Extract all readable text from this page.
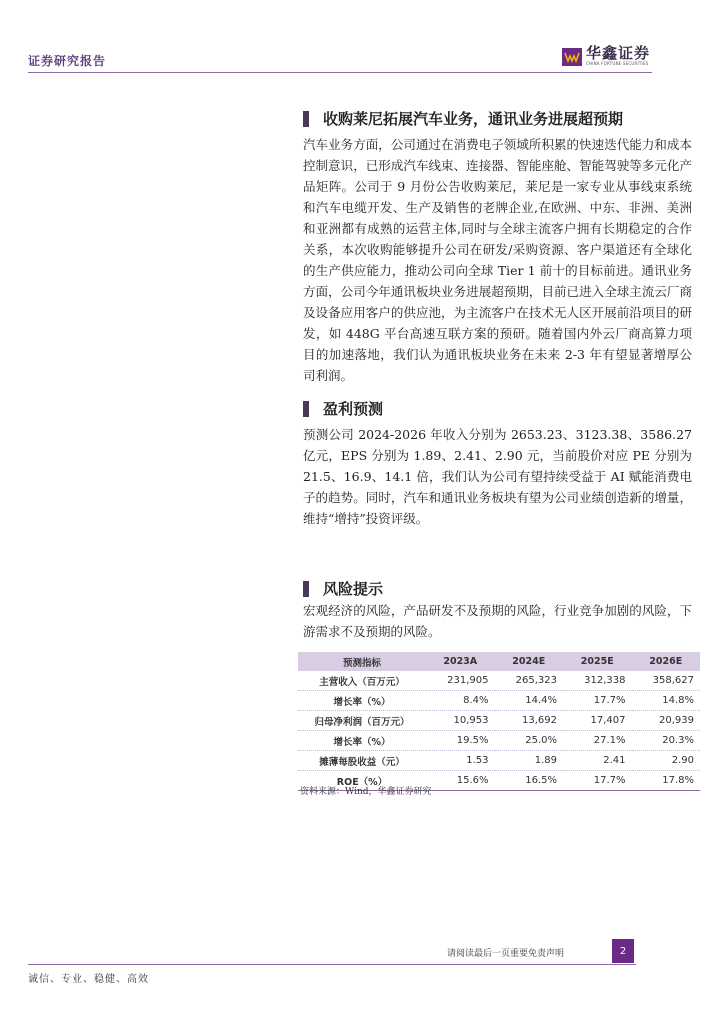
证券研究报告	华鑫证券
CHINA FORTUNE SECURITIES
收购莱尼拓展汽车业务，通讯业务进展超预期
汽车业务方面，公司通过在消费电子领域所积累的快速迭代能力和成本控制意识，已形成汽车线束、连接器、智能座舱、智能驾驶等多元化产品矩阵。公司于 9 月份公告收购莱尼，莱尼是一家专业从事线束系统和汽车电缆开发、生产及销售的老牌企业,在欧洲、中东、非洲、美洲和亚洲都有成熟的运营主体,同时与全球主流客户拥有长期稳定的合作关系，本次收购能够提升公司在研发/采购资源、客户渠道还有全球化的生产供应能力，推动公司向全球 Tier 1 前十的目标前进。通讯业务方面，公司今年通讯板块业务进展超预期，目前已进入全球主流云厂商及设备应用客户的供应池，为主流客户在技术无人区开展前沿项目的研发，如 448G 平台高速互联方案的预研。随着国内外云厂商高算力项目的加速落地，我们认为通讯板块业务在未来 2-3 年有望显著增厚公司利润。
盈利预测
预测公司 2024-2026 年收入分别为 2653.23、3123.38、3586.27 亿元，EPS 分别为 1.89、2.41、2.90 元，当前股价对应 PE 分别为 21.5、16.9、14.1 倍，我们认为公司有望持续受益于 AI 赋能消费电子的趋势。同时，汽车和通讯业务板块有望为公司业绩创造新的增量，维持“增持”投资评级。
风险提示
宏观经济的风险，产品研发不及预期的风险，行业竞争加剧的风险，下游需求不及预期的风险。
预测指标	2023A	2024E	2025E	2026E
主营收入（百万元）	231,905	265,323	312,338	358,627
增长率（%）	8.4%	14.4%	17.7%	14.8%
归母净利润（百万元）	10,953	13,692	17,407	20,939
增长率（%）	19.5%	25.0%	27.1%	20.3%
摊薄每股收益（元）	1.53	1.89	2.41	2.90
ROE（%）	15.6%	16.5%	17.7%	17.8%
资料来源：Wind，华鑫证券研究
请阅读最后一页重要免责声明	2
诚信、专业、稳健、高效
